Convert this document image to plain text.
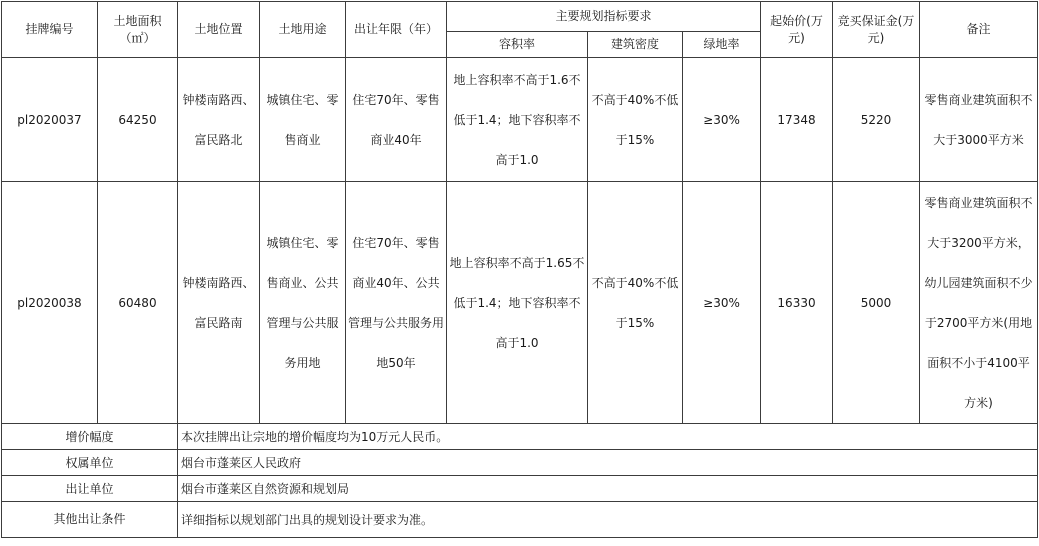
挂牌编号	土地面积（㎡）	土地位置	土地用途	出让年限（年）	主要规划指标要求			起始价(万元)	竞买保证金(万元)	备注
					容积率	建筑密度	绿地率			
pl2020037	64250	钟楼南路西、富民路北	城镇住宅、零售商业	住宅70年、零售商业40年	地上容积率不高于1.6不低于1.4；地下容积率不高于1.0	不高于40%不低于15%	≥30%	17348	5220	零售商业建筑面积不大于3000平方米
pl2020038	60480	钟楼南路西、富民路南	城镇住宅、零售商业、公共管理与公共服务用地	住宅70年、零售商业40年、公共管理与公共服务用地50年	地上容积率不高于1.65不低于1.4；地下容积率不高于1.0	不高于40%不低于15%	≥30%	16330	5000	零售商业建筑面积不大于3200平方米，幼儿园建筑面积不少于2700平方米(用地面积不小于4100平方米)
增价幅度		本次挂牌出让宗地的增价幅度均为10万元人民币。								
权属单位		烟台市蓬莱区人民政府								
出让单位		烟台市蓬莱区自然资源和规划局								
其他出让条件		详细指标以规划部门出具的规划设计要求为准。								
